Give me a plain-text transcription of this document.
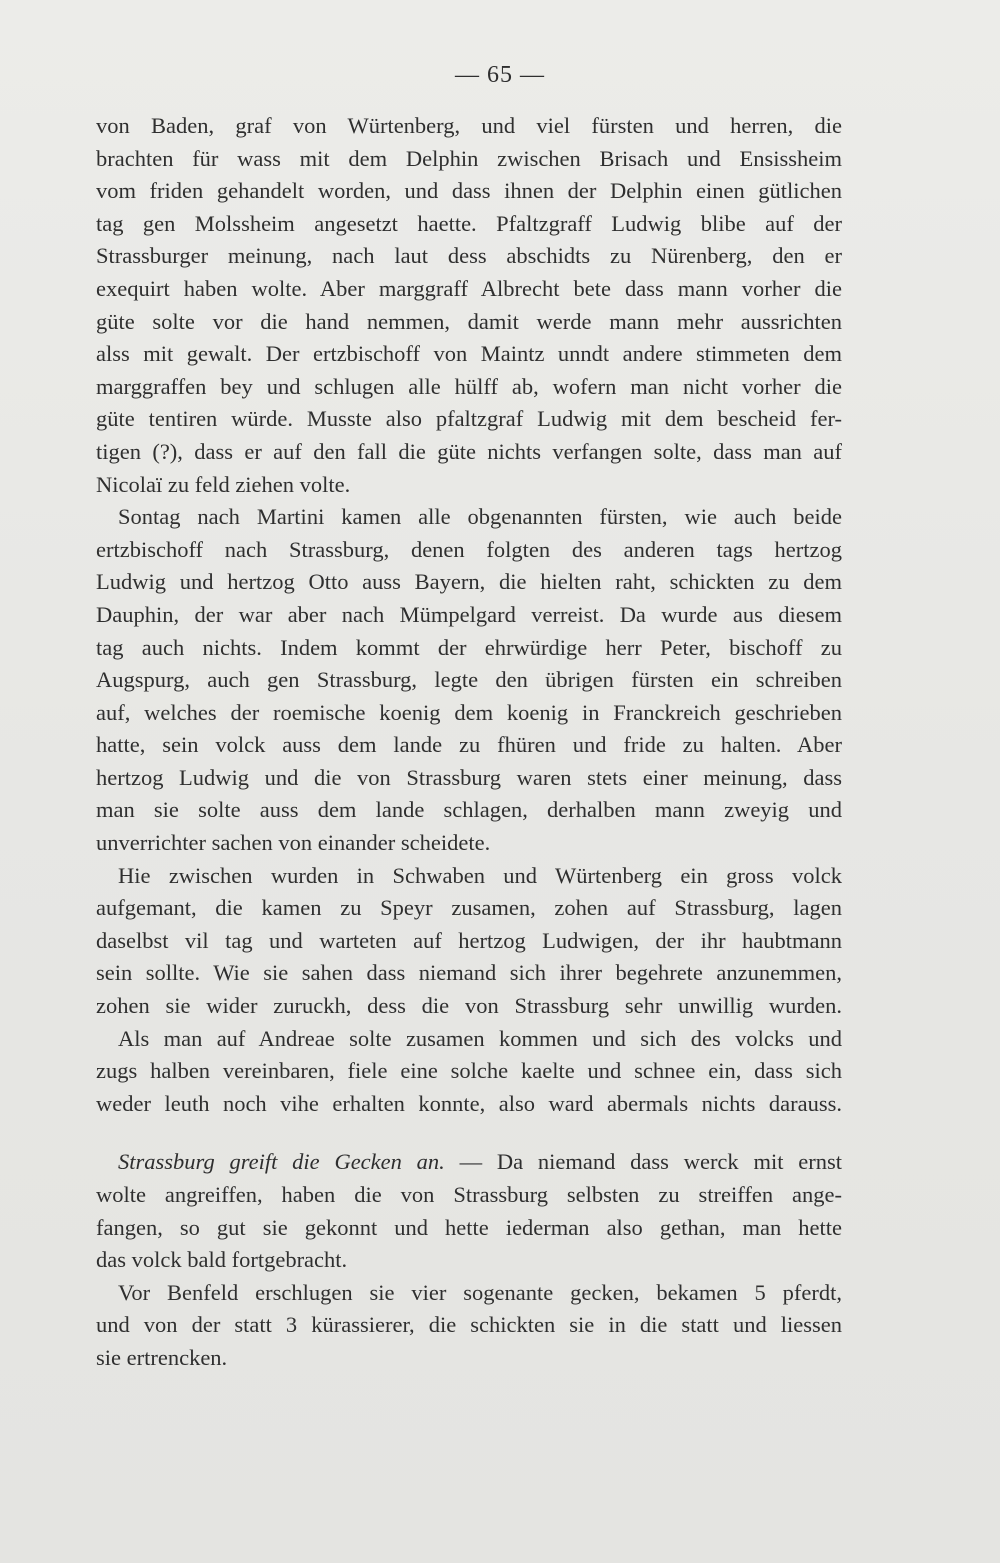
— 65 —
von Baden, graf von Würtenberg, und viel fürsten und herren, die
brachten für wass mit dem Delphin zwischen Brisach und Ensissheim
vom friden gehandelt worden, und dass ihnen der Delphin einen gütlichen
tag gen Molssheim angesetzt haette. Pfaltzgraff Ludwig blibe auf der
Strassburger meinung, nach laut dess abschidts zu Nürenberg, den er
exequirt haben wolte. Aber marggraff Albrecht bete dass mann vorher die
güte solte vor die hand nemmen, damit werde mann mehr aussrichten
alss mit gewalt. Der ertzbischoff von Maintz unndt andere stimmeten dem
marggraffen bey und schlugen alle hülff ab, wofern man nicht vorher die
güte tentiren würde. Musste also pfaltzgraf Ludwig mit dem bescheid fer-
tigen (?), dass er auf den fall die güte nichts verfangen solte, dass man auf
Nicolaï zu feld ziehen volte.
Sontag nach Martini kamen alle obgenannten fürsten, wie auch beide
ertzbischoff nach Strassburg, denen folgten des anderen tags hertzog
Ludwig und hertzog Otto auss Bayern, die hielten raht, schickten zu dem
Dauphin, der war aber nach Mümpelgard verreist. Da wurde aus diesem
tag auch nichts. Indem kommt der ehrwürdige herr Peter, bischoff zu
Augspurg, auch gen Strassburg, legte den übrigen fürsten ein schreiben
auf, welches der roemische koenig dem koenig in Franckreich geschrieben
hatte, sein volck auss dem lande zu fhüren und fride zu halten. Aber
hertzog Ludwig und die von Strassburg waren stets einer meinung, dass
man sie solte auss dem lande schlagen, derhalben mann zweyig und
unverrichter sachen von einander scheidete.
Hie zwischen wurden in Schwaben und Würtenberg ein gross volck
aufgemant, die kamen zu Speyr zusamen, zohen auf Strassburg, lagen
daselbst vil tag und warteten auf hertzog Ludwigen, der ihr haubtmann
sein sollte. Wie sie sahen dass niemand sich ihrer begehrete anzunemmen,
zohen sie wider zuruckh, dess die von Strassburg sehr unwillig wurden.
Als man auf Andreae solte zusamen kommen und sich des volcks und
zugs halben vereinbaren, fiele eine solche kaelte und schnee ein, dass sich
weder leuth noch vihe erhalten konnte, also ward abermals nichts darauss.
Strassburg greift die Gecken an. — Da niemand dass werck mit ernst
wolte angreiffen, haben die von Strassburg selbsten zu streiffen ange-
fangen, so gut sie gekonnt und hette iederman also gethan, man hette
das volck bald fortgebracht.
Vor Benfeld erschlugen sie vier sogenante gecken, bekamen 5 pferdt,
und von der statt 3 kürassierer, die schickten sie in die statt und liessen
sie ertrencken.
